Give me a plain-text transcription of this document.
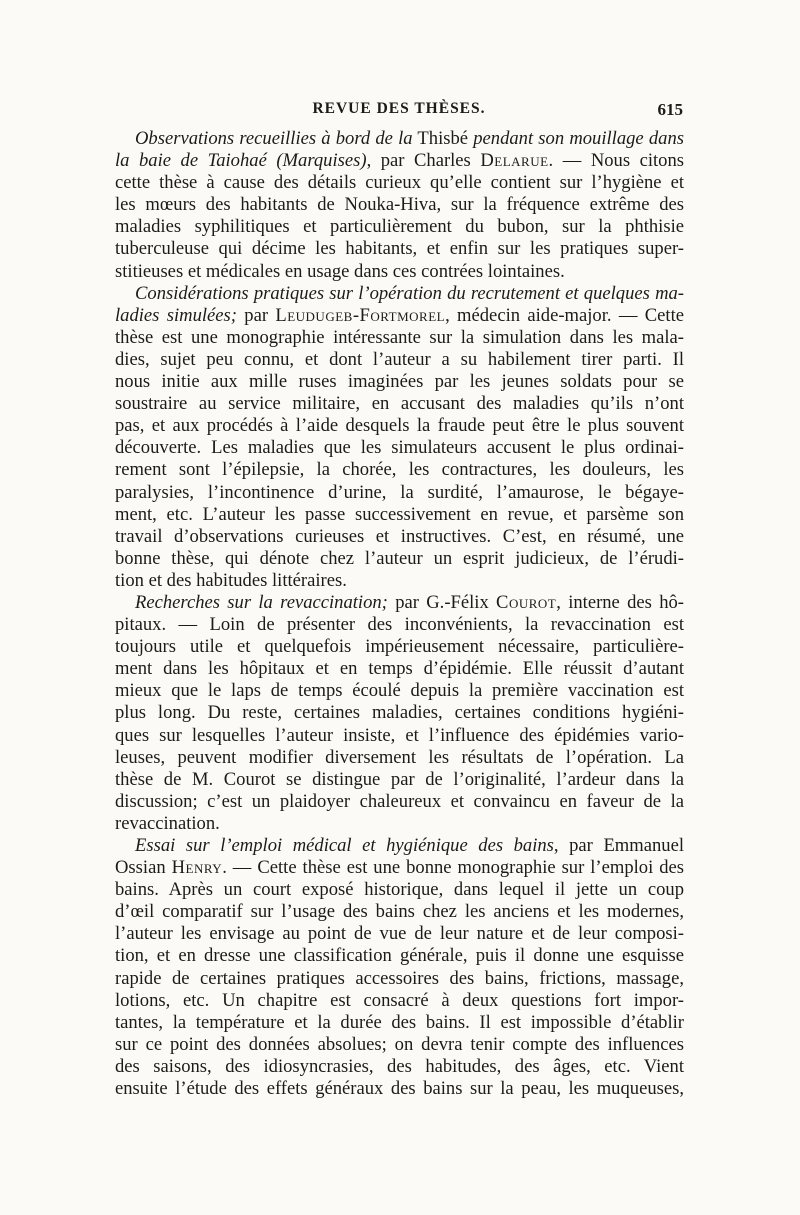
REVUE DES THÈSES.	615
Observations recueillies à bord de la Thisbé pendant son mouillage dans
la baie de Taiohaé (Marquises), par Charles Delarue. — Nous citons
cette thèse à cause des détails curieux qu’elle contient sur l’hygiène et
les mœurs des habitants de Nouka-Hiva, sur la fréquence extrême des
maladies syphilitiques et particulièrement du bubon, sur la phthisie
tuberculeuse qui décime les habitants, et enfin sur les pratiques super-
stitieuses et médicales en usage dans ces contrées lointaines.
Considérations pratiques sur l’opération du recrutement et quelques ma-
ladies simulées; par Leudugeb-Fortmorel, médecin aide-major. — Cette
thèse est une monographie intéressante sur la simulation dans les mala-
dies, sujet peu connu, et dont l’auteur a su habilement tirer parti. Il
nous initie aux mille ruses imaginées par les jeunes soldats pour se
soustraire au service militaire, en accusant des maladies qu’ils n’ont
pas, et aux procédés à l’aide desquels la fraude peut être le plus souvent
découverte. Les maladies que les simulateurs accusent le plus ordinai-
rement sont l’épilepsie, la chorée, les contractures, les douleurs, les
paralysies, l’incontinence d’urine, la surdité, l’amaurose, le bégaye-
ment, etc. L’auteur les passe successivement en revue, et parsème son
travail d’observations curieuses et instructives. C’est, en résumé, une
bonne thèse, qui dénote chez l’auteur un esprit judicieux, de l’érudi-
tion et des habitudes littéraires.
Recherches sur la revaccination; par G.-Félix Courot, interne des hô-
pitaux. — Loin de présenter des inconvénients, la revaccination est
toujours utile et quelquefois impérieusement nécessaire, particulière-
ment dans les hôpitaux et en temps d’épidémie. Elle réussit d’autant
mieux que le laps de temps écoulé depuis la première vaccination est
plus long. Du reste, certaines maladies, certaines conditions hygiéni-
ques sur lesquelles l’auteur insiste, et l’influence des épidémies vario-
leuses, peuvent modifier diversement les résultats de l’opération. La
thèse de M. Courot se distingue par de l’originalité, l’ardeur dans la
discussion; c’est un plaidoyer chaleureux et convaincu en faveur de la
revaccination.
Essai sur l’emploi médical et hygiénique des bains, par Emmanuel
Ossian Henry. — Cette thèse est une bonne monographie sur l’emploi des
bains. Après un court exposé historique, dans lequel il jette un coup
d’œil comparatif sur l’usage des bains chez les anciens et les modernes,
l’auteur les envisage au point de vue de leur nature et de leur composi-
tion, et en dresse une classification générale, puis il donne une esquisse
rapide de certaines pratiques accessoires des bains, frictions, massage,
lotions, etc. Un chapitre est consacré à deux questions fort impor-
tantes, la température et la durée des bains. Il est impossible d’établir
sur ce point des données absolues; on devra tenir compte des influences
des saisons, des idiosyncrasies, des habitudes, des âges, etc. Vient
ensuite l’étude des effets généraux des bains sur la peau, les muqueuses,
